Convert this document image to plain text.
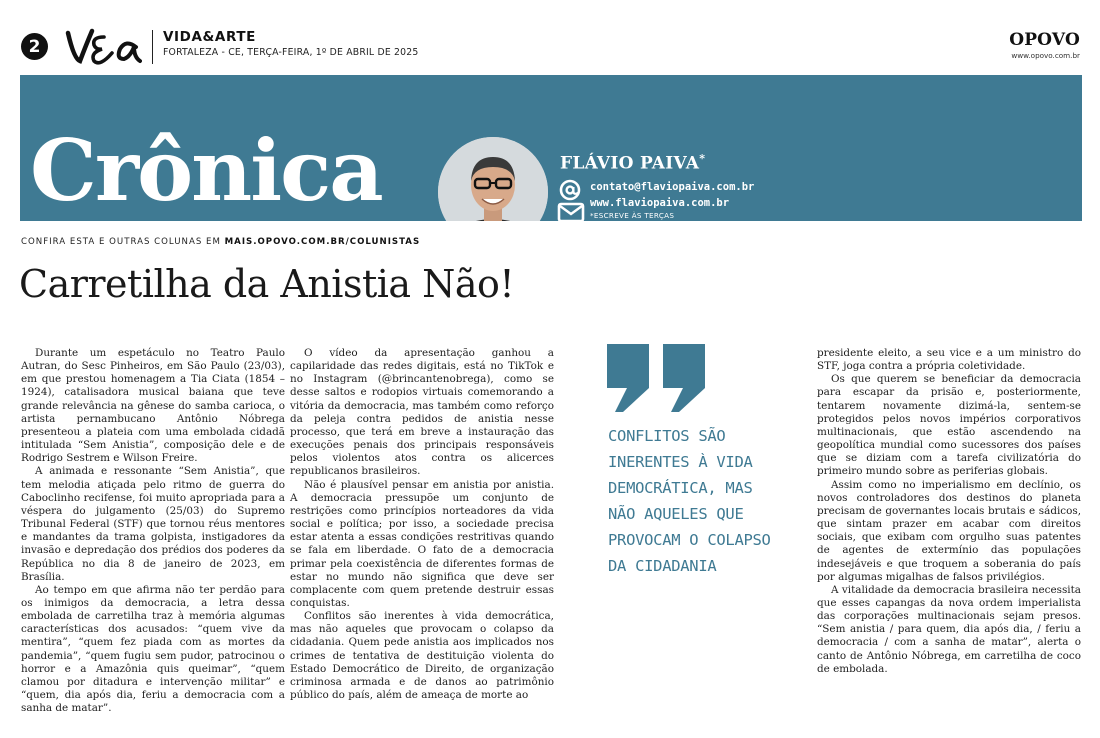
2	VIDA&ARTE
FORTALEZA - CE, TERÇA-FEIRA, 1º DE ABRIL DE 2025
OPOVO
www.opovo.com.br
Crônica	FLÁVIO PAIVA*
contato@flaviopaiva.com.br
www.flaviopaiva.com.br
*ESCREVE ÀS TERÇAS
CONFIRA ESTA E OUTRAS COLUNAS EM MAIS.OPOVO.COM.BR/COLUNISTAS
Carretilha da Anistia Não!

Durante um espetáculo no Teatro Paulo Autran, do Sesc Pinheiros, em São Paulo (23/03), em que prestou homenagem a Tia Ciata (1854 – 1924), catalisadora musical baiana que teve grande relevância na gênese do samba carioca, o artista pernambucano Antônio Nóbrega presenteou a plateia com uma embolada cidadã intitulada “Sem Anistia”, composição dele e de Rodrigo Sestrem e Wilson Freire.

A animada e ressonante “Sem Anistia”, que tem melodia atiçada pelo ritmo de guerra do Caboclinho recifense, foi muito apropriada para a véspera do julgamento (25/03) do Supremo Tribunal Federal (STF) que tornou réus mentores e mandantes da trama golpista, instigadores da invasão e depredação dos prédios dos poderes da República no dia 8 de janeiro de 2023, em Brasília.

Ao tempo em que afirma não ter perdão para os inimigos da democracia, a letra dessa embolada de carretilha traz à memória algumas características dos acusados: “quem vive da mentira”, “quem fez piada com as mortes da pandemia”, “quem fugiu sem pudor, patrocinou o horror e a Amazônia quis queimar”, “quem clamou por ditadura e intervenção militar” e “quem, dia após dia, feriu a democracia com a sanha de matar”.

O vídeo da apresentação ganhou a capilaridade das redes digitais, está no TikTok e no Instagram (@brincantenobrega), como se desse saltos e rodopios virtuais comemorando a vitória da democracia, mas também como reforço da peleja contra pedidos de anistia nesse processo, que terá em breve a instauração das execuções penais dos principais responsáveis pelos violentos atos contra os alicerces republicanos brasileiros.

Não é plausível pensar em anistia por anistia. A democracia pressupõe um conjunto de restrições como princípios norteadores da vida social e política; por isso, a sociedade precisa estar atenta a essas condições restritivas quando se fala em liberdade. O fato de a democracia primar pela coexistência de diferentes formas de estar no mundo não significa que deve ser complacente com quem pretende destruir essas conquistas.

Conflitos são inerentes à vida democrática, mas não aqueles que provocam o colapso da cidadania. Quem pede anistia aos implicados nos crimes de tentativa de destituição violenta do Estado Democrático de Direito, de organização criminosa armada e de danos ao patrimônio público do país, além de ameaça de morte ao

CONFLITOS SÃO INERENTES À VIDA DEMOCRÁTICA, MAS NÃO AQUELES QUE PROVOCAM O COLAPSO DA CIDADANIA

presidente eleito, a seu vice e a um ministro do STF, joga contra a própria coletividade.

Os que querem se beneficiar da democracia para escapar da prisão e, posteriormente, tentarem novamente dizimá-la, sentem-se protegidos pelos novos impérios corporativos multinacionais, que estão ascendendo na geopolítica mundial como sucessores dos países que se diziam com a tarefa civilizatória do primeiro mundo sobre as periferias globais.

Assim como no imperialismo em declínio, os novos controladores dos destinos do planeta precisam de governantes locais brutais e sádicos, que sintam prazer em acabar com direitos sociais, que exibam com orgulho suas patentes de agentes de extermínio das populações indesejáveis e que troquem a soberania do país por algumas migalhas de falsos privilégios.

A vitalidade da democracia brasileira necessita que esses capangas da nova ordem imperialista das corporações multinacionais sejam presos. “Sem anistia / para quem, dia após dia, / feriu a democracia / com a sanha de matar”, alerta o canto de Antônio Nóbrega, em carretilha de coco de embolada.
